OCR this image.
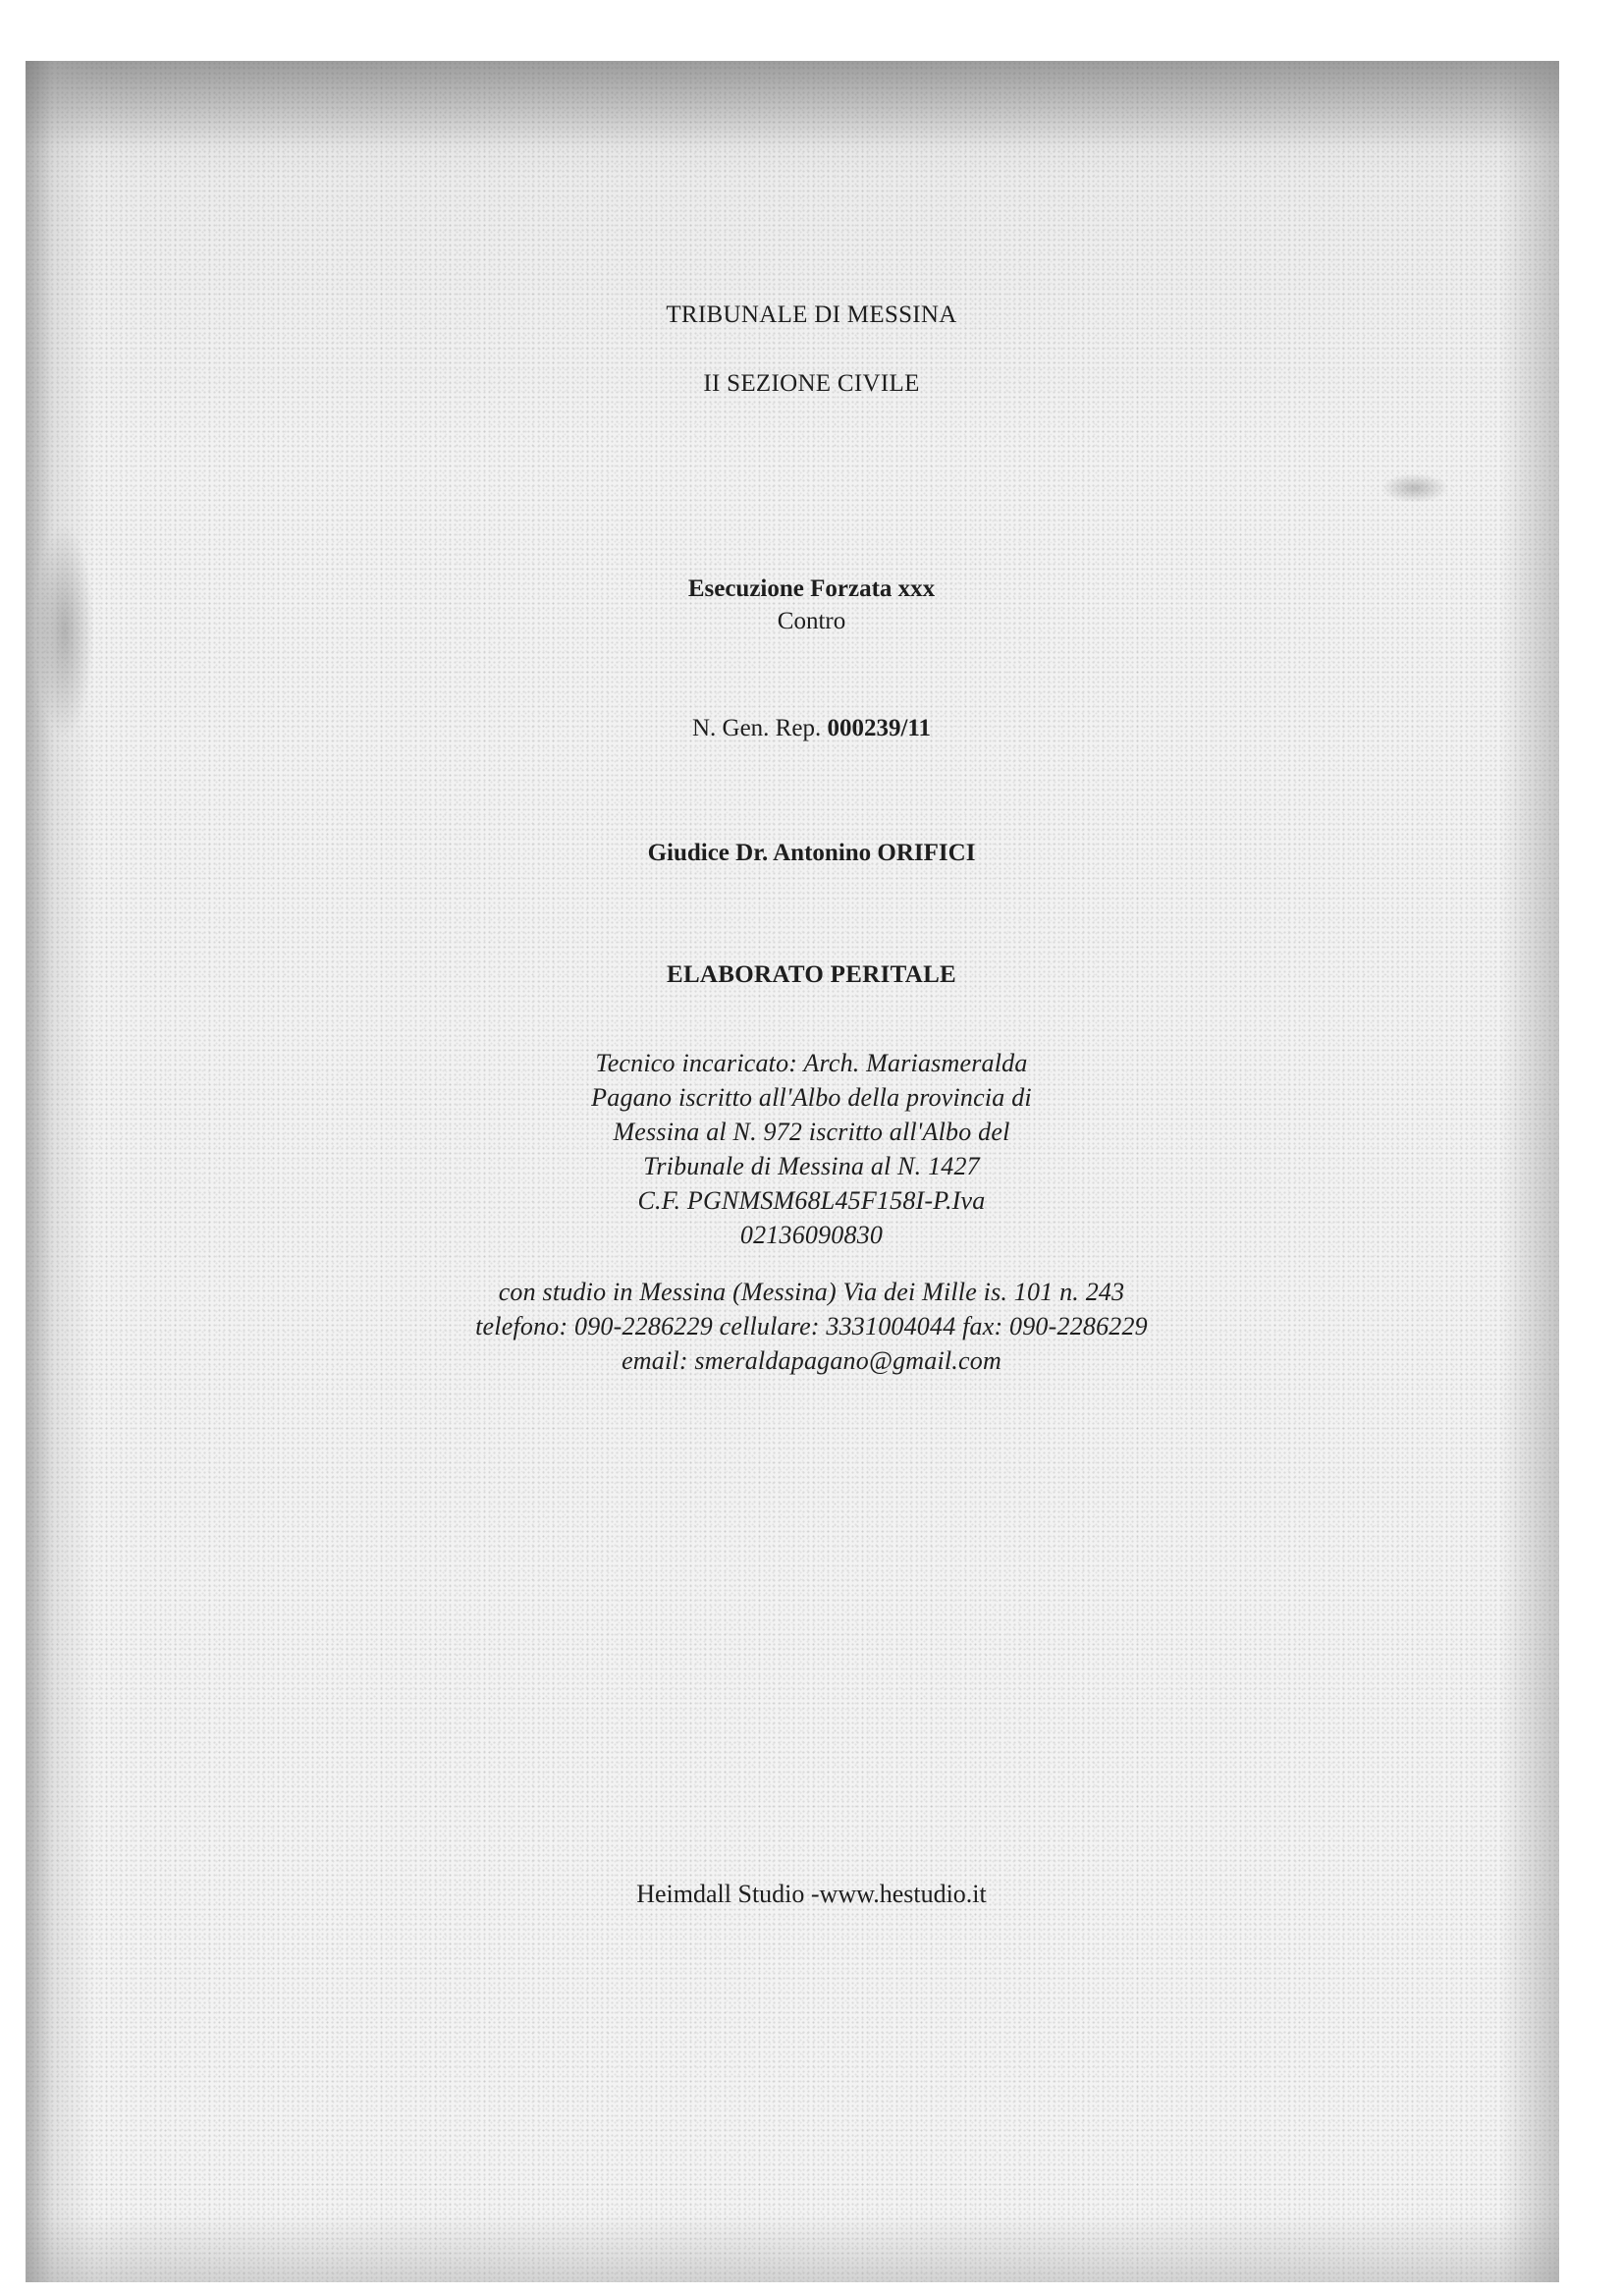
TRIBUNALE DI MESSINA
II SEZIONE CIVILE
Esecuzione Forzata xxx
Contro
N. Gen. Rep. 000239/11
Giudice Dr. Antonino ORIFICI
ELABORATO PERITALE
Tecnico incaricato: Arch. Mariasmeralda
Pagano iscritto all'Albo della provincia di
Messina al N. 972 iscritto all'Albo del
Tribunale di Messina al N. 1427
C.F. PGNMSM68L45F158I-P.Iva
02136090830
con studio in Messina (Messina) Via dei Mille is. 101 n. 243
telefono: 090-2286229 cellulare: 3331004044 fax: 090-2286229
email: smeraldapagano@gmail.com
Heimdall Studio -www.hestudio.it
